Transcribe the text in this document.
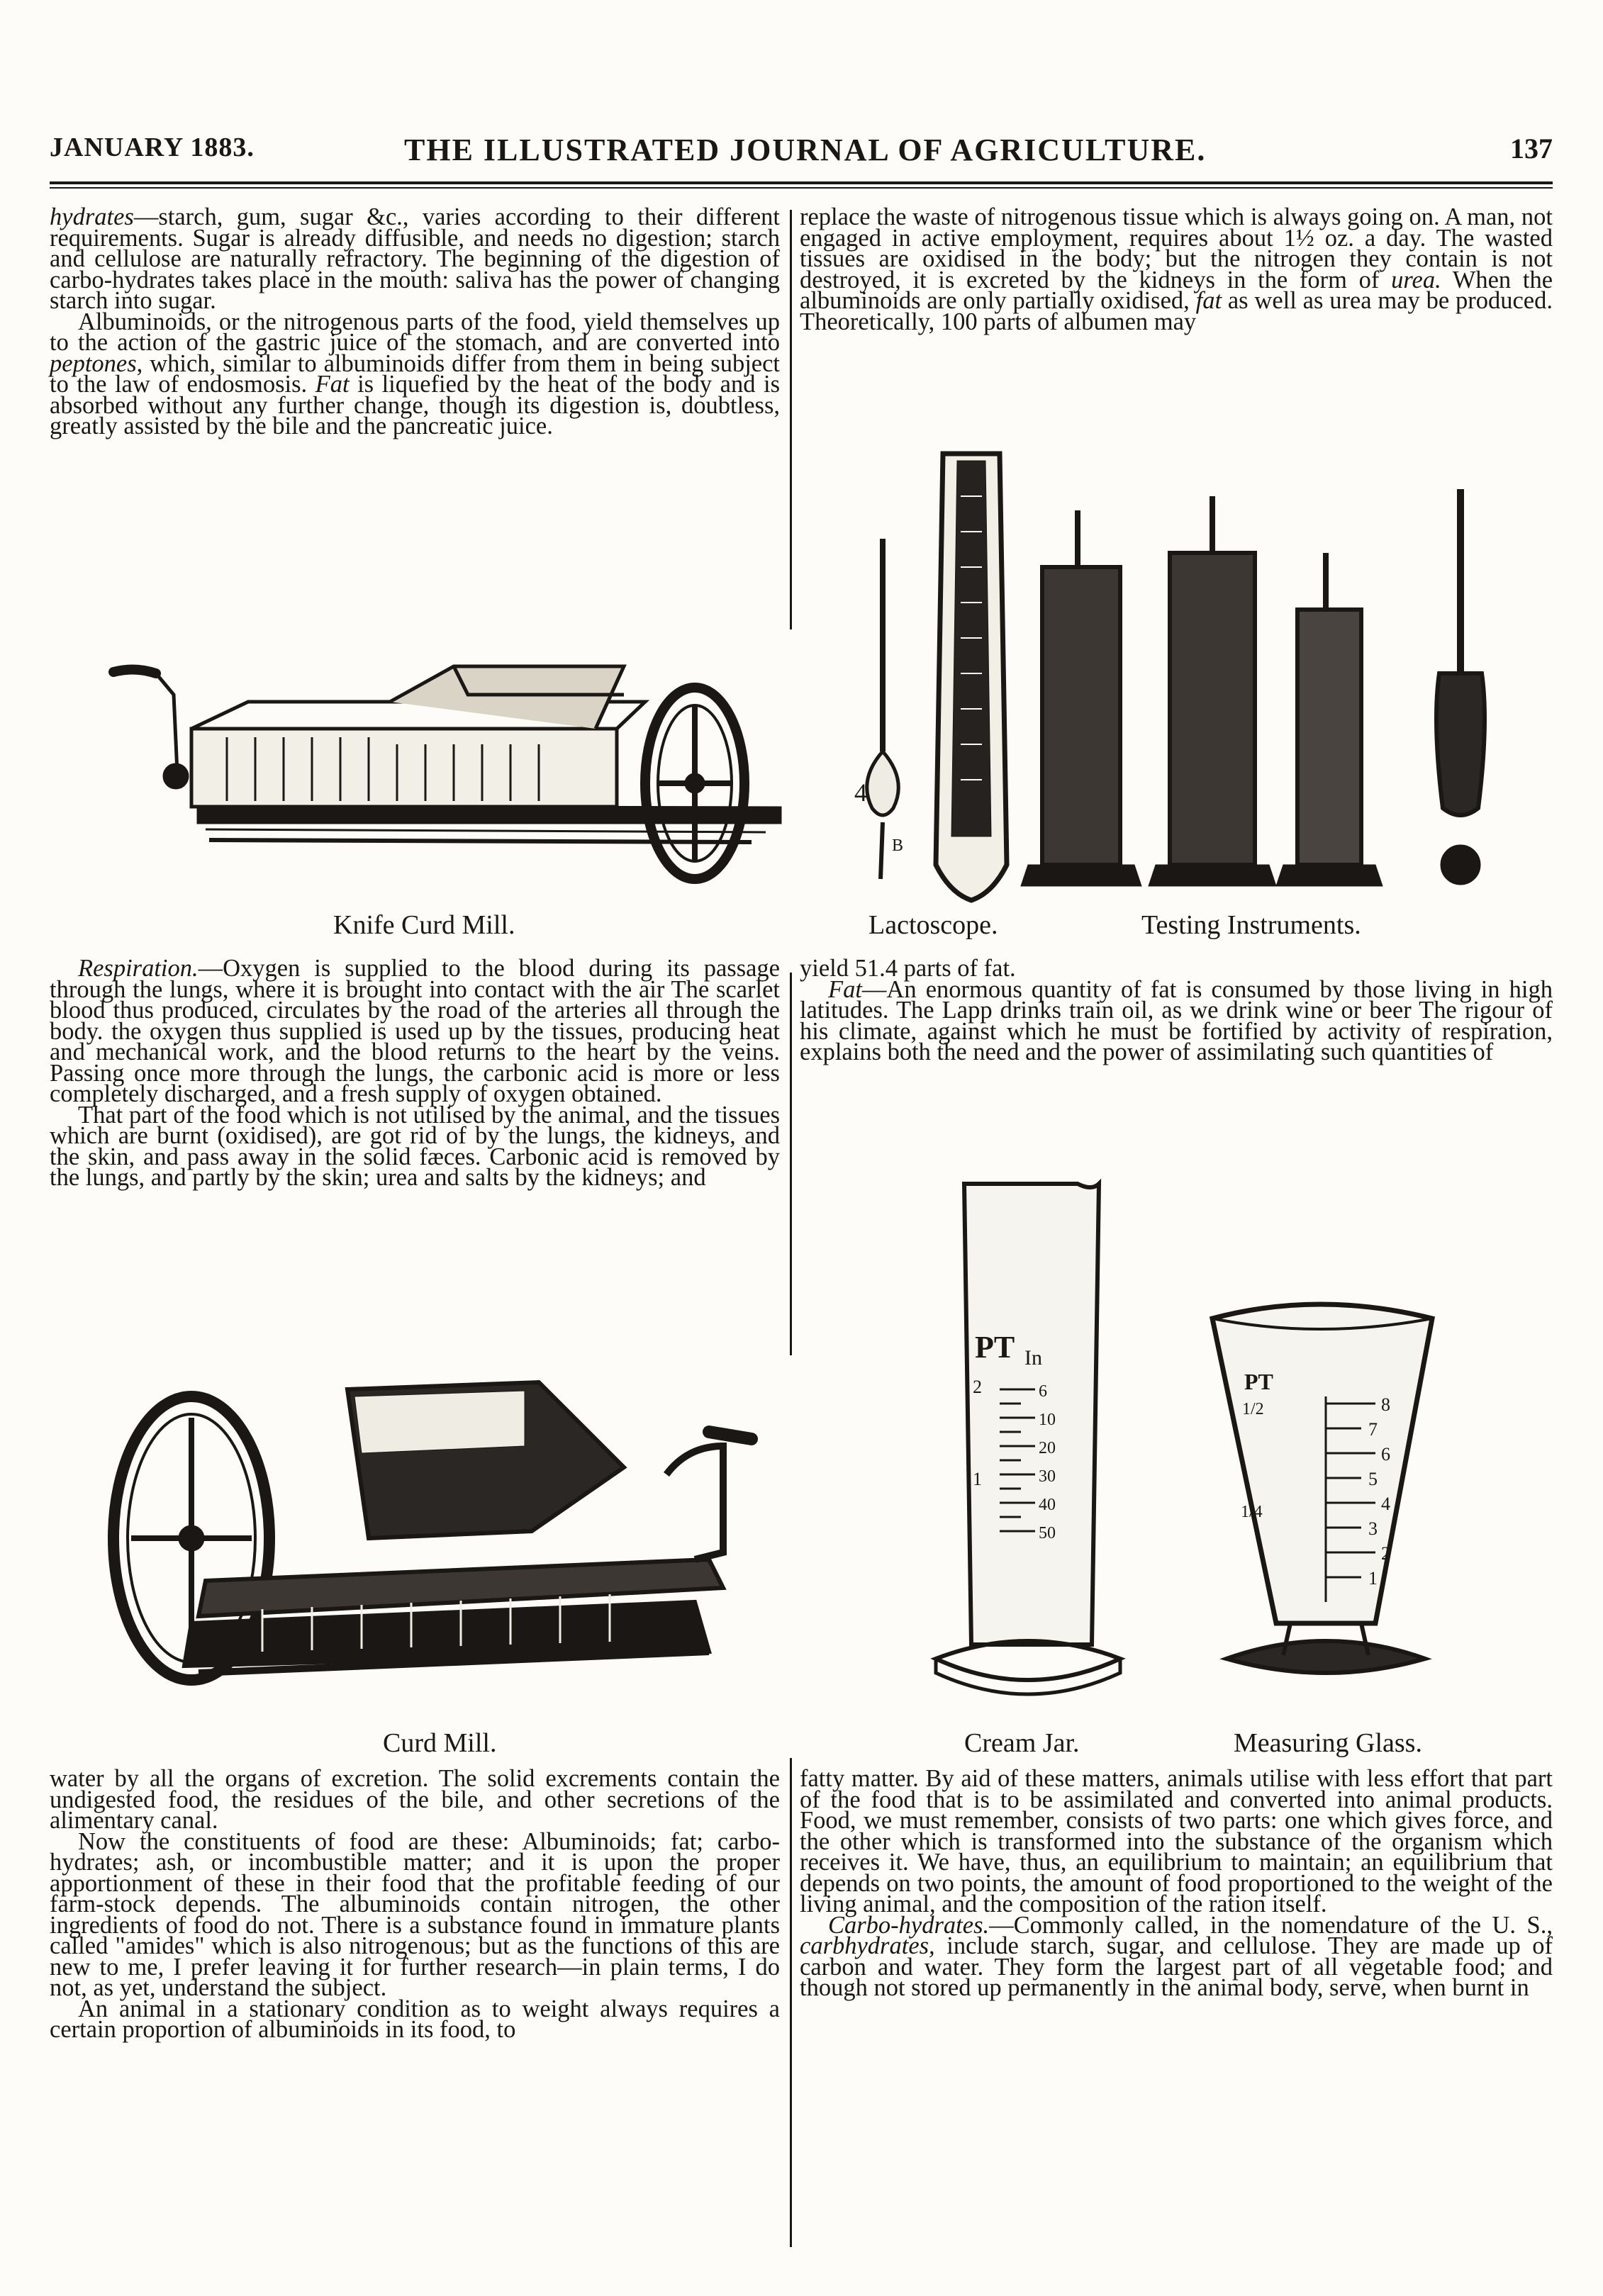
JANUARY 1883.	THE ILLUSTRATED JOURNAL OF AGRICULTURE.	137

hydrates—starch, gum, sugar &c., varies according to their different requirements. Sugar is already diffusible, and needs no digestion; starch and cellulose are naturally refractory. The beginning of the digestion of carbo-hydrates takes place in the mouth: saliva has the power of changing starch into sugar.

Albuminoids, or the nitrogenous parts of the food, yield themselves up to the action of the gastric juice of the stomach, and are converted into peptones, which, similar to albuminoids differ from them in being subject to the law of endosmosis. Fat is liquefied by the heat of the body and is absorbed without any further change, though its digestion is, doubtless, greatly assisted by the bile and the pancreatic juice.

replace the waste of nitrogenous tissue which is always going on. A man, not engaged in active employment, requires about 1½ oz. a day. The wasted tissues are oxidised in the body; but the nitrogen they contain is not destroyed, it is excreted by the kidneys in the form of urea. When the albuminoids are only partially oxidised, fat as well as urea may be produced. Theoretically, 100 parts of albumen may

Knife Curd Mill.
4
B
Lactoscope.	Testing Instruments.

Respiration.—Oxygen is supplied to the blood during its passage through the lungs, where it is brought into contact with the air The scarlet blood thus produced, circulates by the road of the arteries all through the body. the oxygen thus supplied is used up by the tissues, producing heat and mechanical work, and the blood returns to the heart by the veins. Passing once more through the lungs, the carbonic acid is more or less completely discharged, and a fresh supply of oxygen obtained.

That part of the food which is not utilised by the animal, and the tissues which are burnt (oxidised), are got rid of by the lungs, the kidneys, and the skin, and pass away in the solid fæces. Carbonic acid is removed by the lungs, and partly by the skin; urea and salts by the kidneys; and

yield 51.4 parts of fat.

Fat—An enormous quantity of fat is consumed by those living in high latitudes. The Lapp drinks train oil, as we drink wine or beer The rigour of his climate, against which he must be fortified by activity of respiration, explains both the need and the power of assimilating such quantities of

Curd Mill.
PT In
2
1
6
10
20
30
40
50
PT
1/2
1/4
8
7
6
5
4
3
2
1
Cream Jar.	Measuring Glass.

water by all the organs of excretion. The solid excrements contain the undigested food, the residues of the bile, and other secretions of the alimentary canal.

Now the constituents of food are these: Albuminoids; fat; carbo-hydrates; ash, or incombustible matter; and it is upon the proper apportionment of these in their food that the profitable feeding of our farm-stock depends. The albuminoids contain nitrogen, the other ingredients of food do not. There is a substance found in immature plants called "amides" which is also nitrogenous; but as the functions of this are new to me, I prefer leaving it for further research—in plain terms, I do not, as yet, understand the subject.

An animal in a stationary condition as to weight always requires a certain proportion of albuminoids in its food, to

fatty matter. By aid of these matters, animals utilise with less effort that part of the food that is to be assimilated and converted into animal products. Food, we must remember, consists of two parts: one which gives force, and the other which is transformed into the substance of the organism which receives it. We have, thus, an equilibrium to maintain; an equilibrium that depends on two points, the amount of food proportioned to the weight of the living animal, and the composition of the ration itself.

Carbo-hydrates.—Commonly called, in the nomendature of the U. S., carbhydrates, include starch, sugar, and cellulose. They are made up of carbon and water. They form the largest part of all vegetable food; and though not stored up permanently in the animal body, serve, when burnt in
